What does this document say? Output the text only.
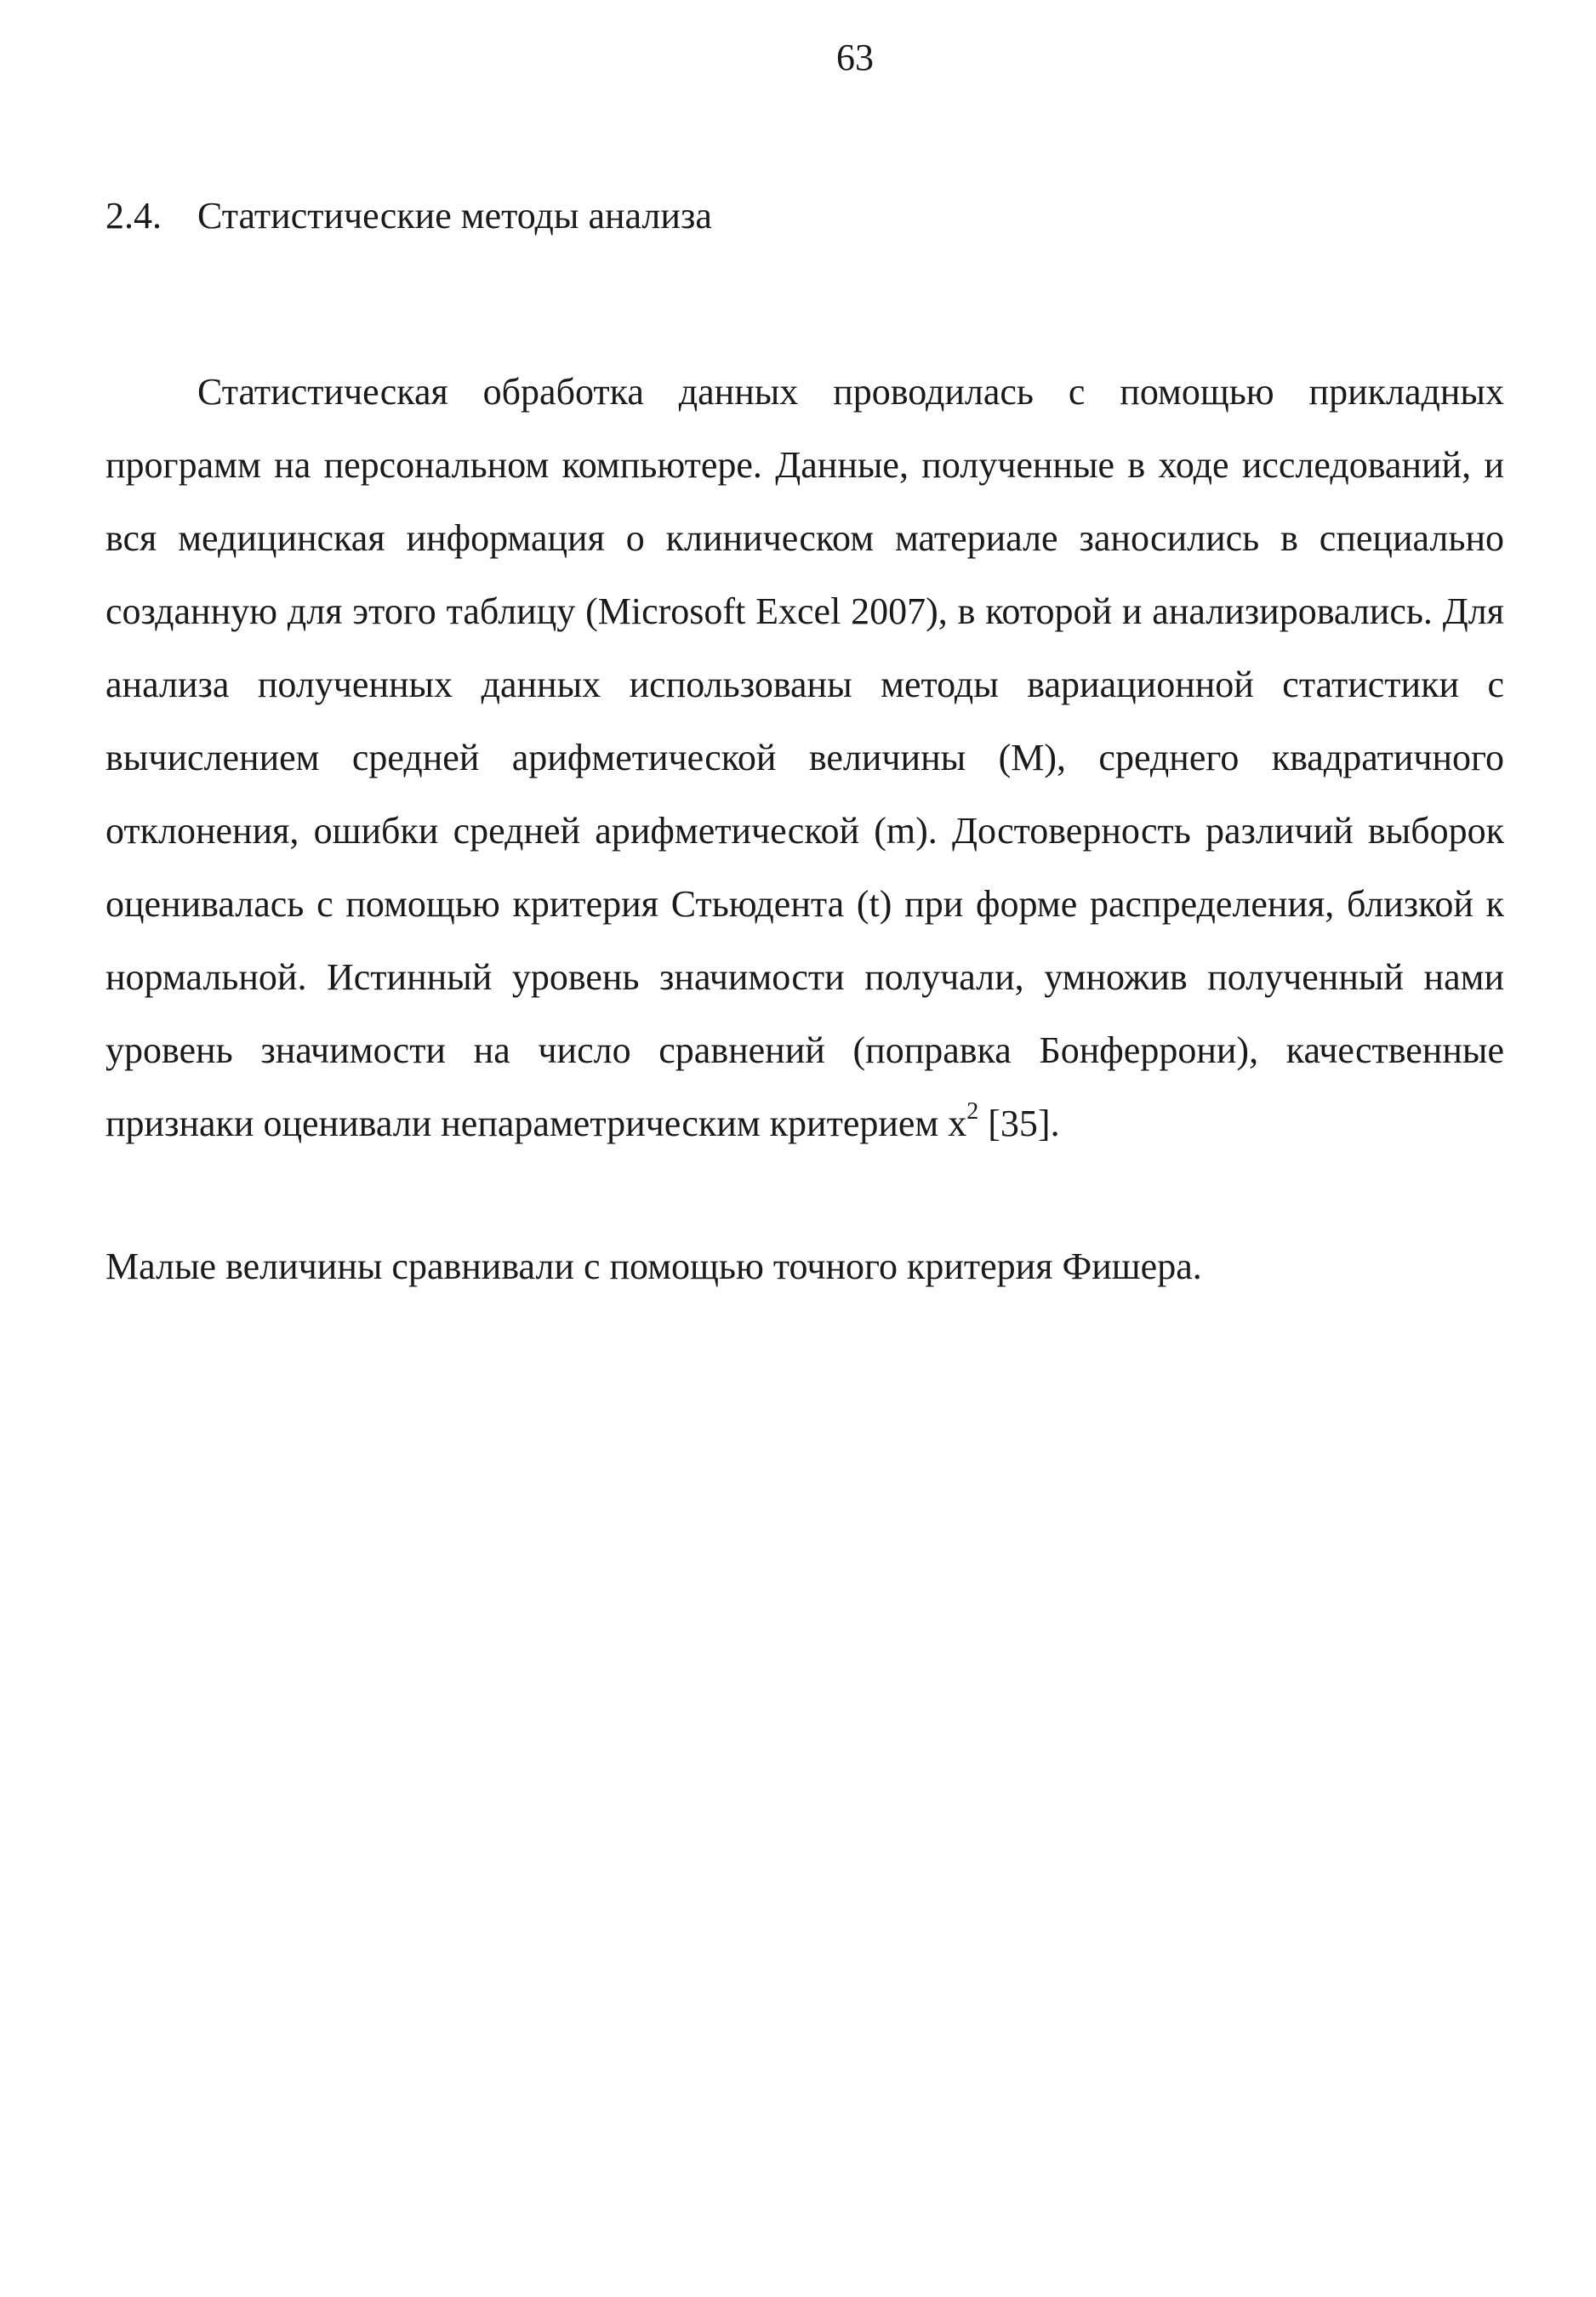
63
2.4. Статистические методы анализа

Статистическая обработка данных проводилась с помощью прикладных программ на персональном компьютере. Данные, полученные в ходе исследований, и вся медицинская информация о клиническом материале заносились в специально созданную для этого таблицу (Microsoft Excel 2007), в которой и анализировались. Для анализа полученных данных использованы методы вариационной статистики с вычислением средней арифметической величины (M), среднего квадратичного отклонения, ошибки средней арифметической (m). Достоверность различий выборок оценивалась с помощью критерия Стьюдента (t) при форме распределения, близкой к нормальной. Истинный уровень значимости получали, умножив полученный нами уровень значимости на число сравнений (поправка Бонферрони), качественные признаки оценивали непараметрическим критерием $x^2$ [35].

Малые величины сравнивали с помощью точного критерия Фишера.
